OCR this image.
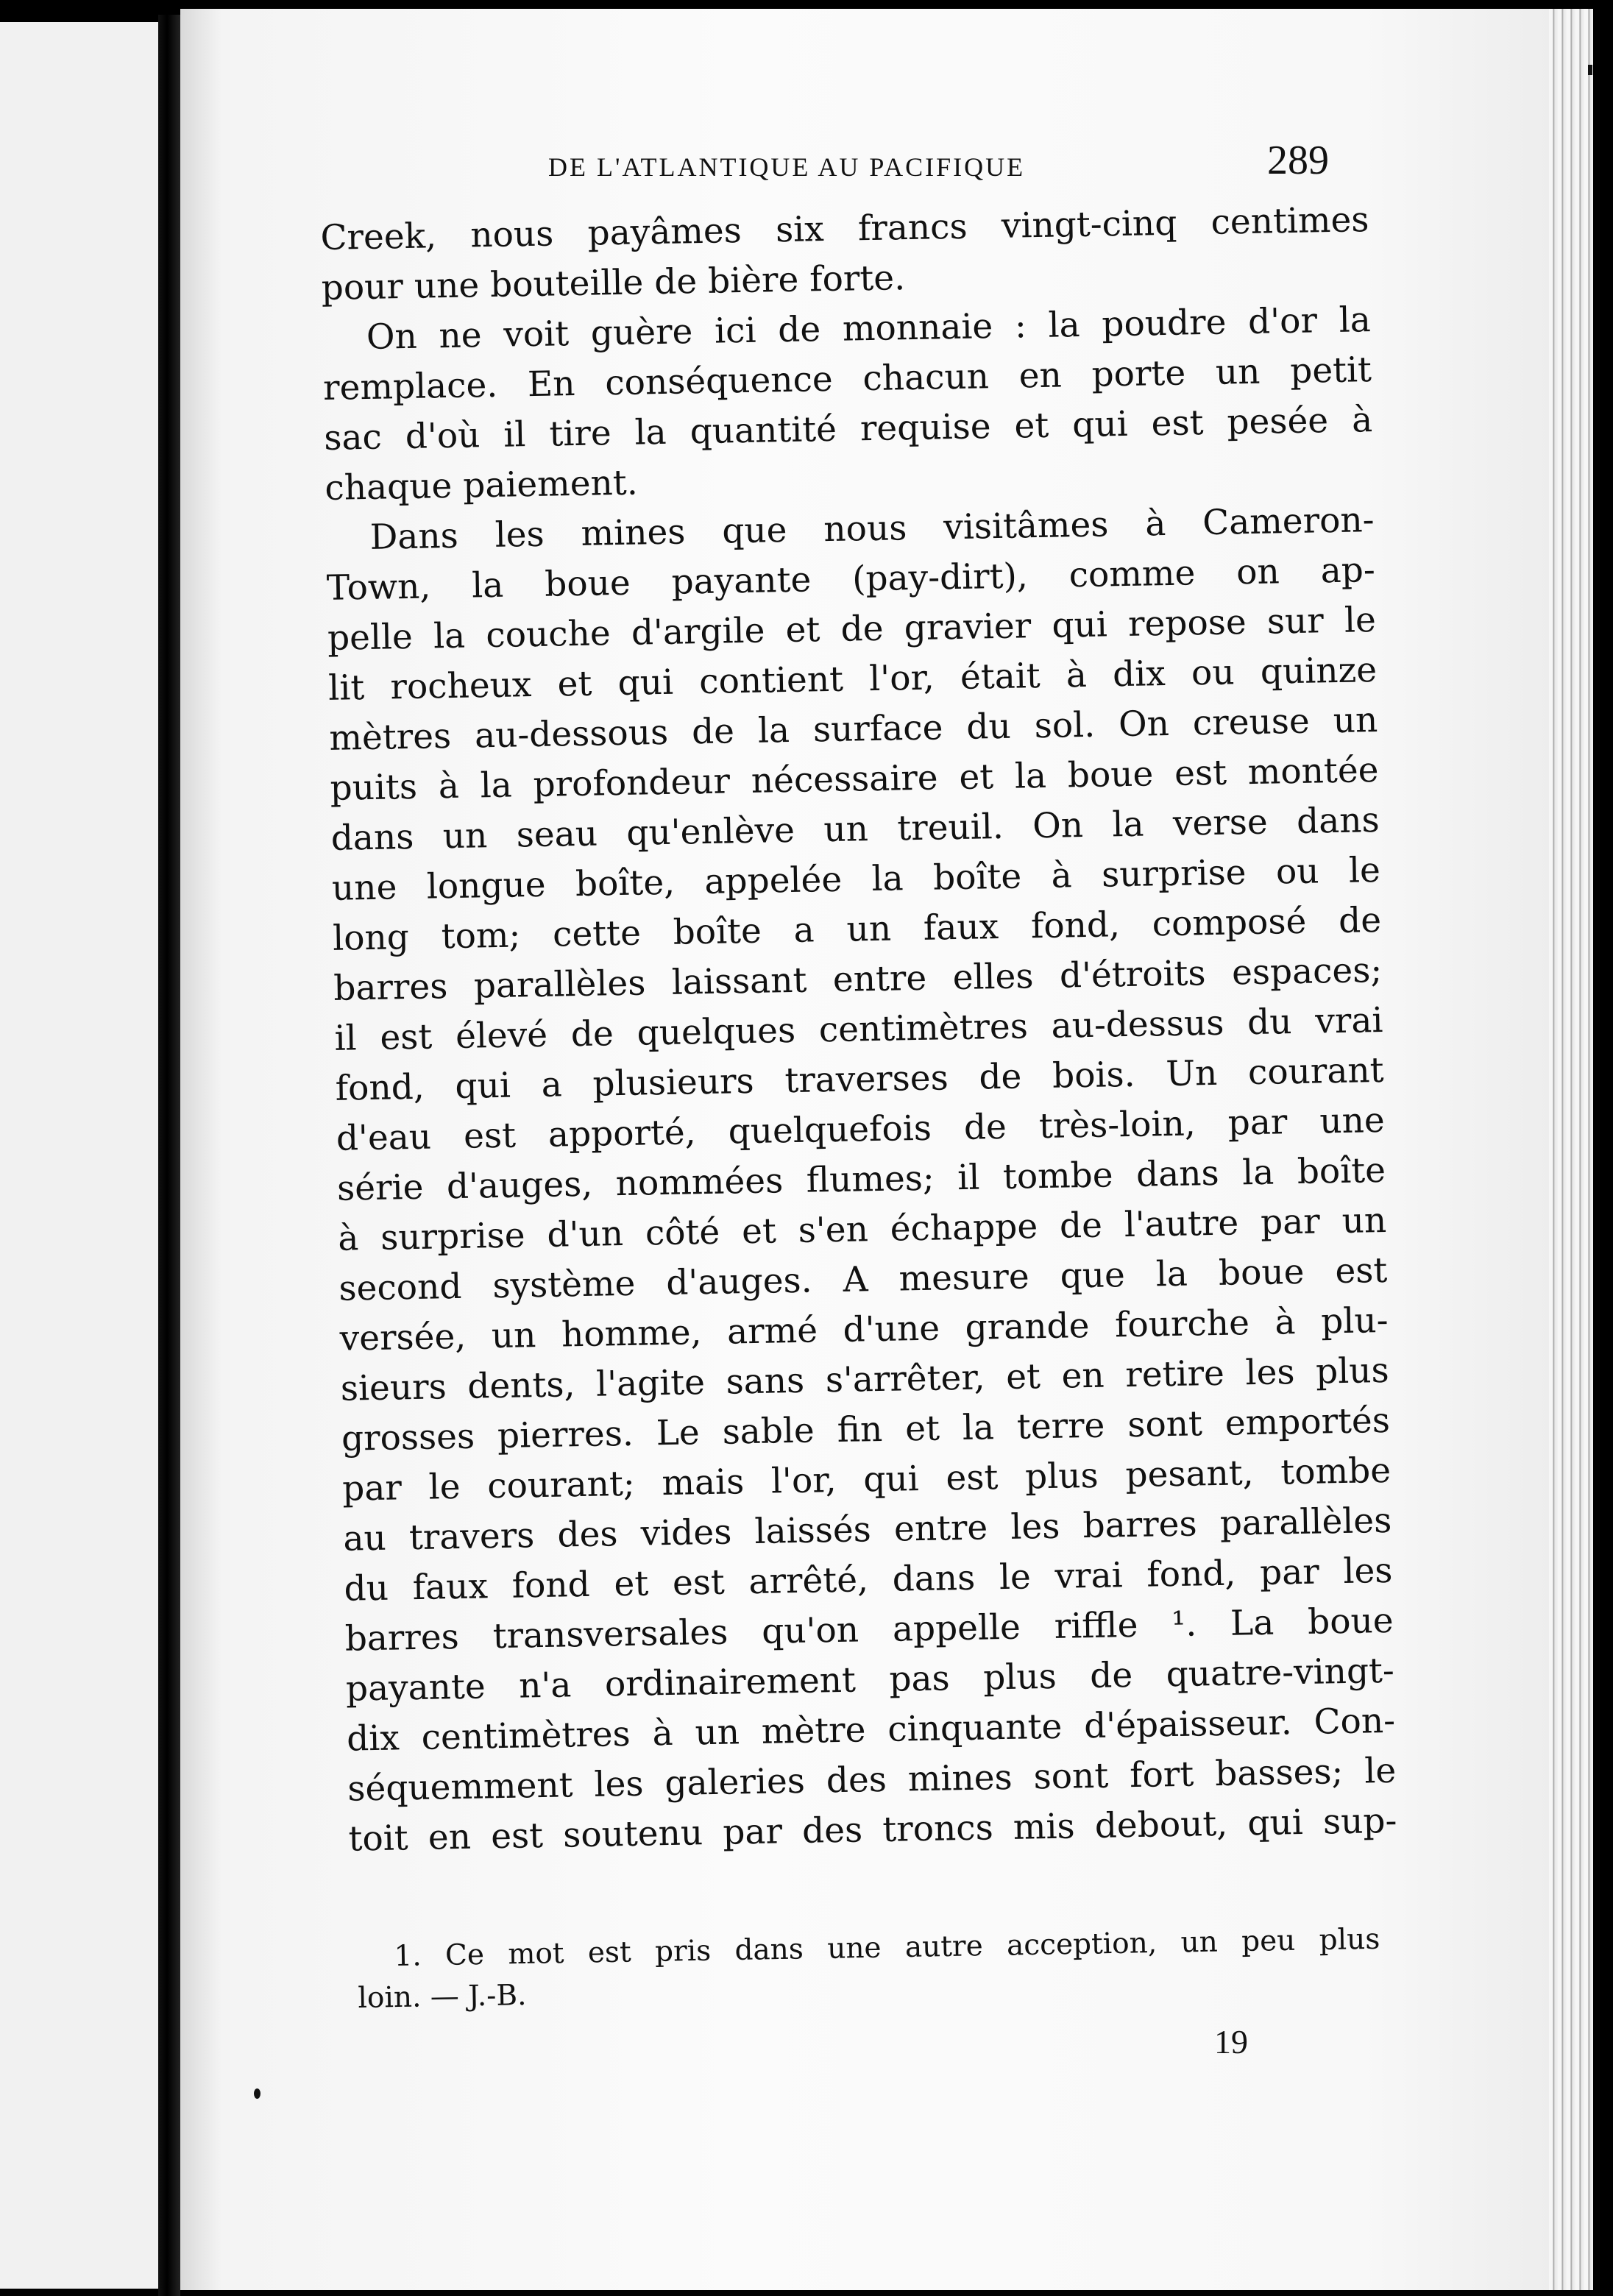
DE L'ATLANTIQUE AU PACIFIQUE	289
Creek, nous payâmes six francs vingt-cinq centimes
pour une bouteille de bière forte.
On ne voit guère ici de monnaie : la poudre d'or la
remplace. En conséquence chacun en porte un petit
sac d'où il tire la quantité requise et qui est pesée à
chaque paiement.
Dans les mines que nous visitâmes à Cameron-
Town, la boue payante (pay-dirt), comme on ap-
pelle la couche d'argile et de gravier qui repose sur le
lit rocheux et qui contient l'or, était à dix ou quinze
mètres au-dessous de la surface du sol. On creuse un
puits à la profondeur nécessaire et la boue est montée
dans un seau qu'enlève un treuil. On la verse dans
une longue boîte, appelée la boîte à surprise ou le
long tom; cette boîte a un faux fond, composé de
barres parallèles laissant entre elles d'étroits espaces;
il est élevé de quelques centimètres au-dessus du vrai
fond, qui a plusieurs traverses de bois. Un courant
d'eau est apporté, quelquefois de très-loin, par une
série d'auges, nommées flumes; il tombe dans la boîte
à surprise d'un côté et s'en échappe de l'autre par un
second système d'auges. A mesure que la boue est
versée, un homme, armé d'une grande fourche à plu-
sieurs dents, l'agite sans s'arrêter, et en retire les plus
grosses pierres. Le sable fin et la terre sont emportés
par le courant; mais l'or, qui est plus pesant, tombe
au travers des vides laissés entre les barres parallèles
du faux fond et est arrêté, dans le vrai fond, par les
barres transversales qu'on appelle riffle ¹. La boue
payante n'a ordinairement pas plus de quatre-vingt-
dix centimètres à un mètre cinquante d'épaisseur. Con-
séquemment les galeries des mines sont fort basses; le
toit en est soutenu par des troncs mis debout, qui sup-
1. Ce mot est pris dans une autre acception, un peu plus
loin. — J.-B.
19
